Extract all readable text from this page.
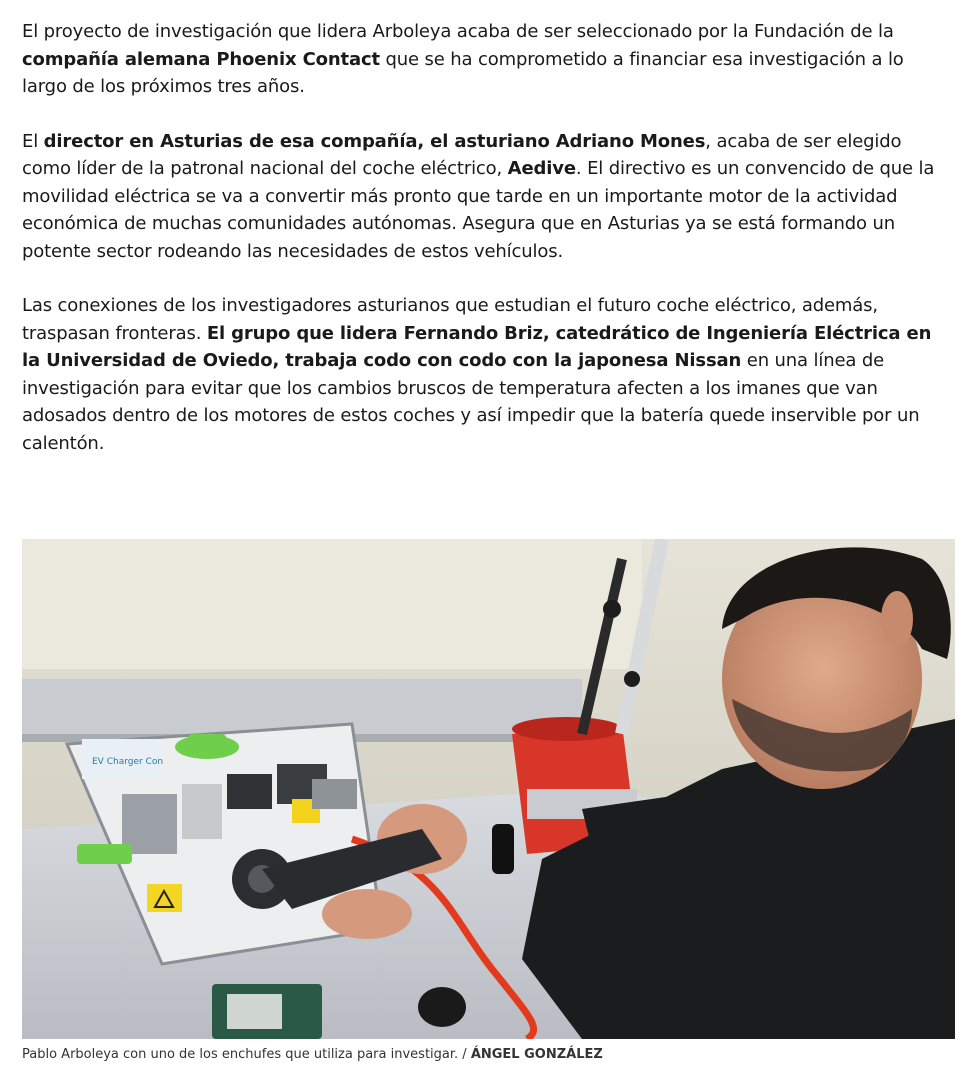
El proyecto de investigación que lidera Arboleya acaba de ser seleccionado por la Fundación de la compañía alemana Phoenix Contact que se ha comprometido a financiar esa investigación a lo largo de los próximos tres años.

El director en Asturias de esa compañía, el asturiano Adriano Mones, acaba de ser elegido como líder de la patronal nacional del coche eléctrico, Aedive. El directivo es un convencido de que la movilidad eléctrica se va a convertir más pronto que tarde en un importante motor de la actividad económica de muchas comunidades autónomas. Asegura que en Asturias ya se está formando un potente sector rodeando las necesidades de estos vehículos.

Las conexiones de los investigadores asturianos que estudian el futuro coche eléctrico, además, traspasan fronteras. El grupo que lidera Fernando Briz, catedrático de Ingeniería Eléctrica en la Universidad de Oviedo, trabaja codo con codo con la japonesa Nissan en una línea de investigación para evitar que los cambios bruscos de temperatura afecten a los imanes que van adosados dentro de los motores de estos coches y así impedir que la batería quede inservible por un calentón.

EV Charger Con
Pablo Arboleya con uno de los enchufes que utiliza para investigar. / ÁNGEL GONZÁLEZ
